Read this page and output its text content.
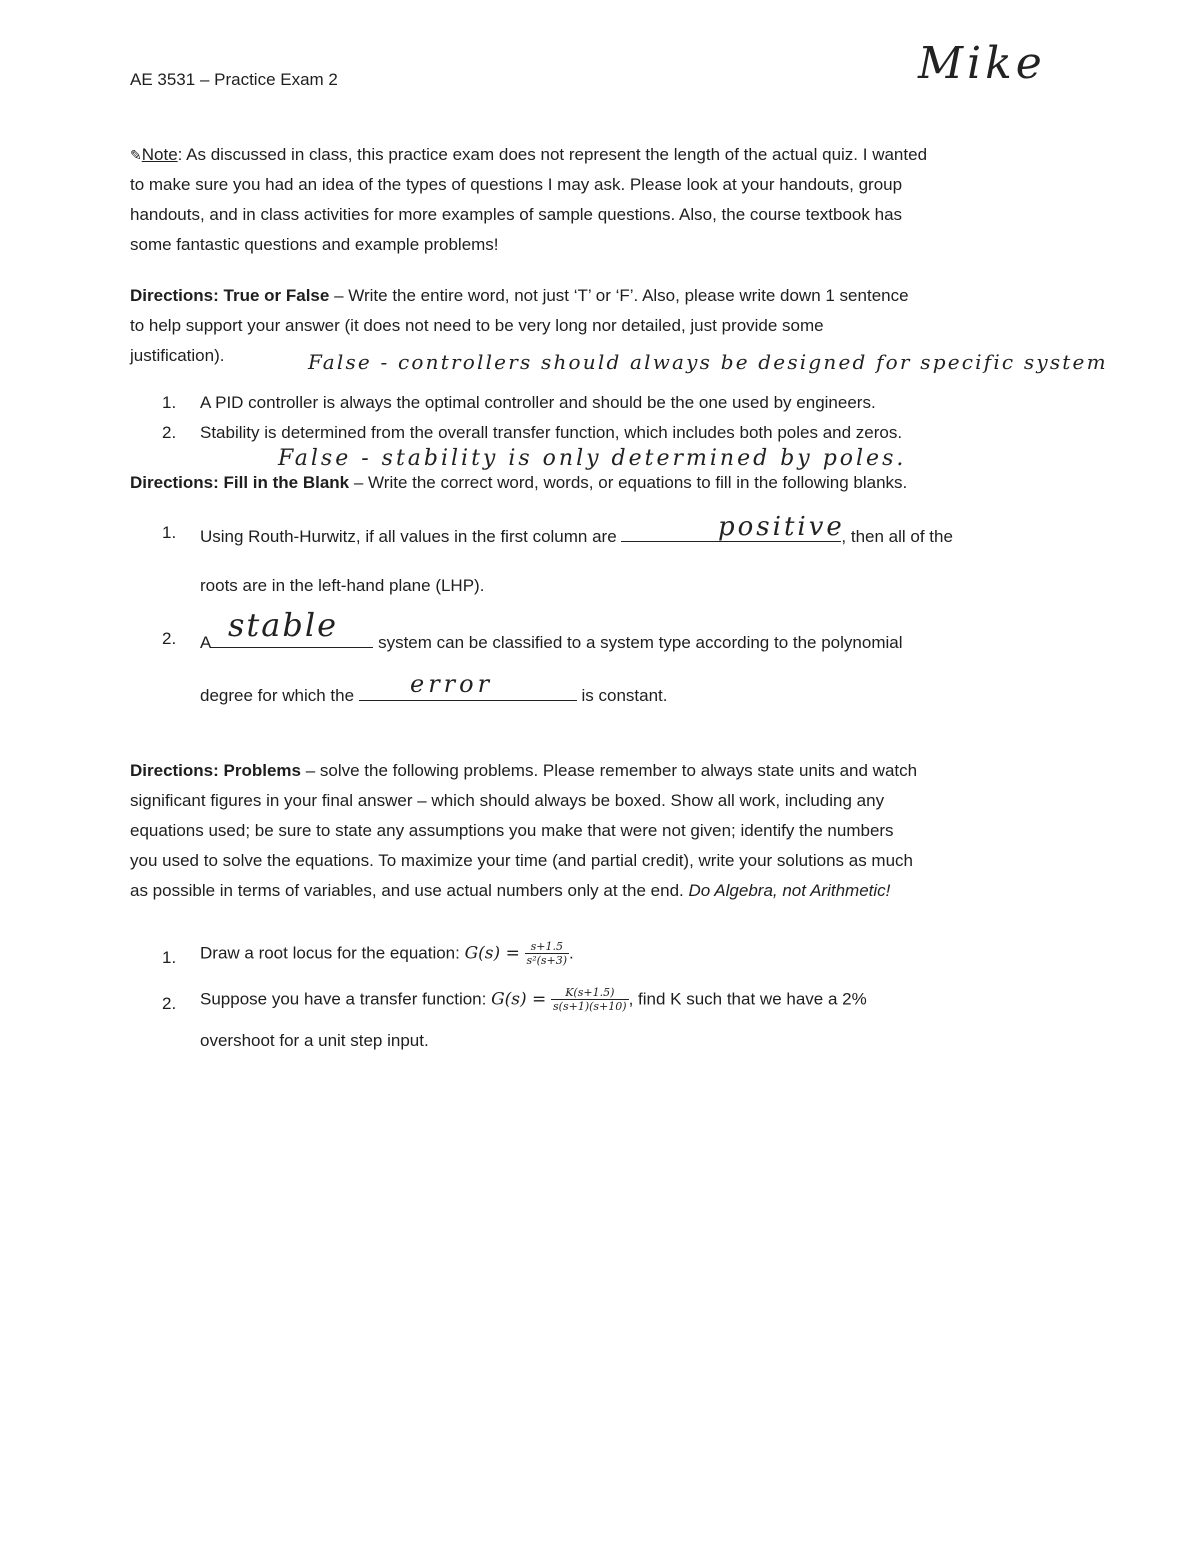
AE 3531 – Practice Exam 2	Mike
✎Note: As discussed in class, this practice exam does not represent the length of the actual quiz. I wanted
to make sure you had an idea of the types of questions I may ask. Please look at your handouts, group
handouts, and in class activities for more examples of sample questions. Also, the course textbook has
some fantastic questions and example problems!
Directions: True or False – Write the entire word, not just ‘T’ or ‘F’. Also, please write down 1 sentence
to help support your answer (it does not need to be very long nor detailed, just provide some
justification).	False - controllers should always be designed for specific system
1. A PID controller is always the optimal controller and should be the one used by engineers.
2. Stability is determined from the overall transfer function, which includes both poles and zeros.
False - stability is only determined by poles.
Directions: Fill in the Blank – Write the correct word, words, or equations to fill in the following blanks.
1. Using Routh-Hurwitz, if all values in the first column are	, then all of the
positive
roots are in the left-hand plane (LHP).
2. A	system can be classified to a system type according to the polynomial
stable
degree for which the	is constant.
error
Directions: Problems – solve the following problems. Please remember to always state units and watch
significant figures in your final answer – which should always be boxed. Show all work, including any
equations used; be sure to state any assumptions you make that were not given; identify the numbers
you used to solve the equations. To maximize your time (and partial credit), write your solutions as much
as possible in terms of variables, and use actual numbers only at the end. Do Algebra, not Arithmetic!
1. Draw a root locus for the equation: $G(s) = \frac{s+1.5}{\text{s²(s+3)}}$ .
2. Suppose you have a transfer function: $G(s) = \frac{K(s+1.5)}{s(s+1)(s+10)}$ , find K such that we have a 2%
overshoot for a unit step input.
